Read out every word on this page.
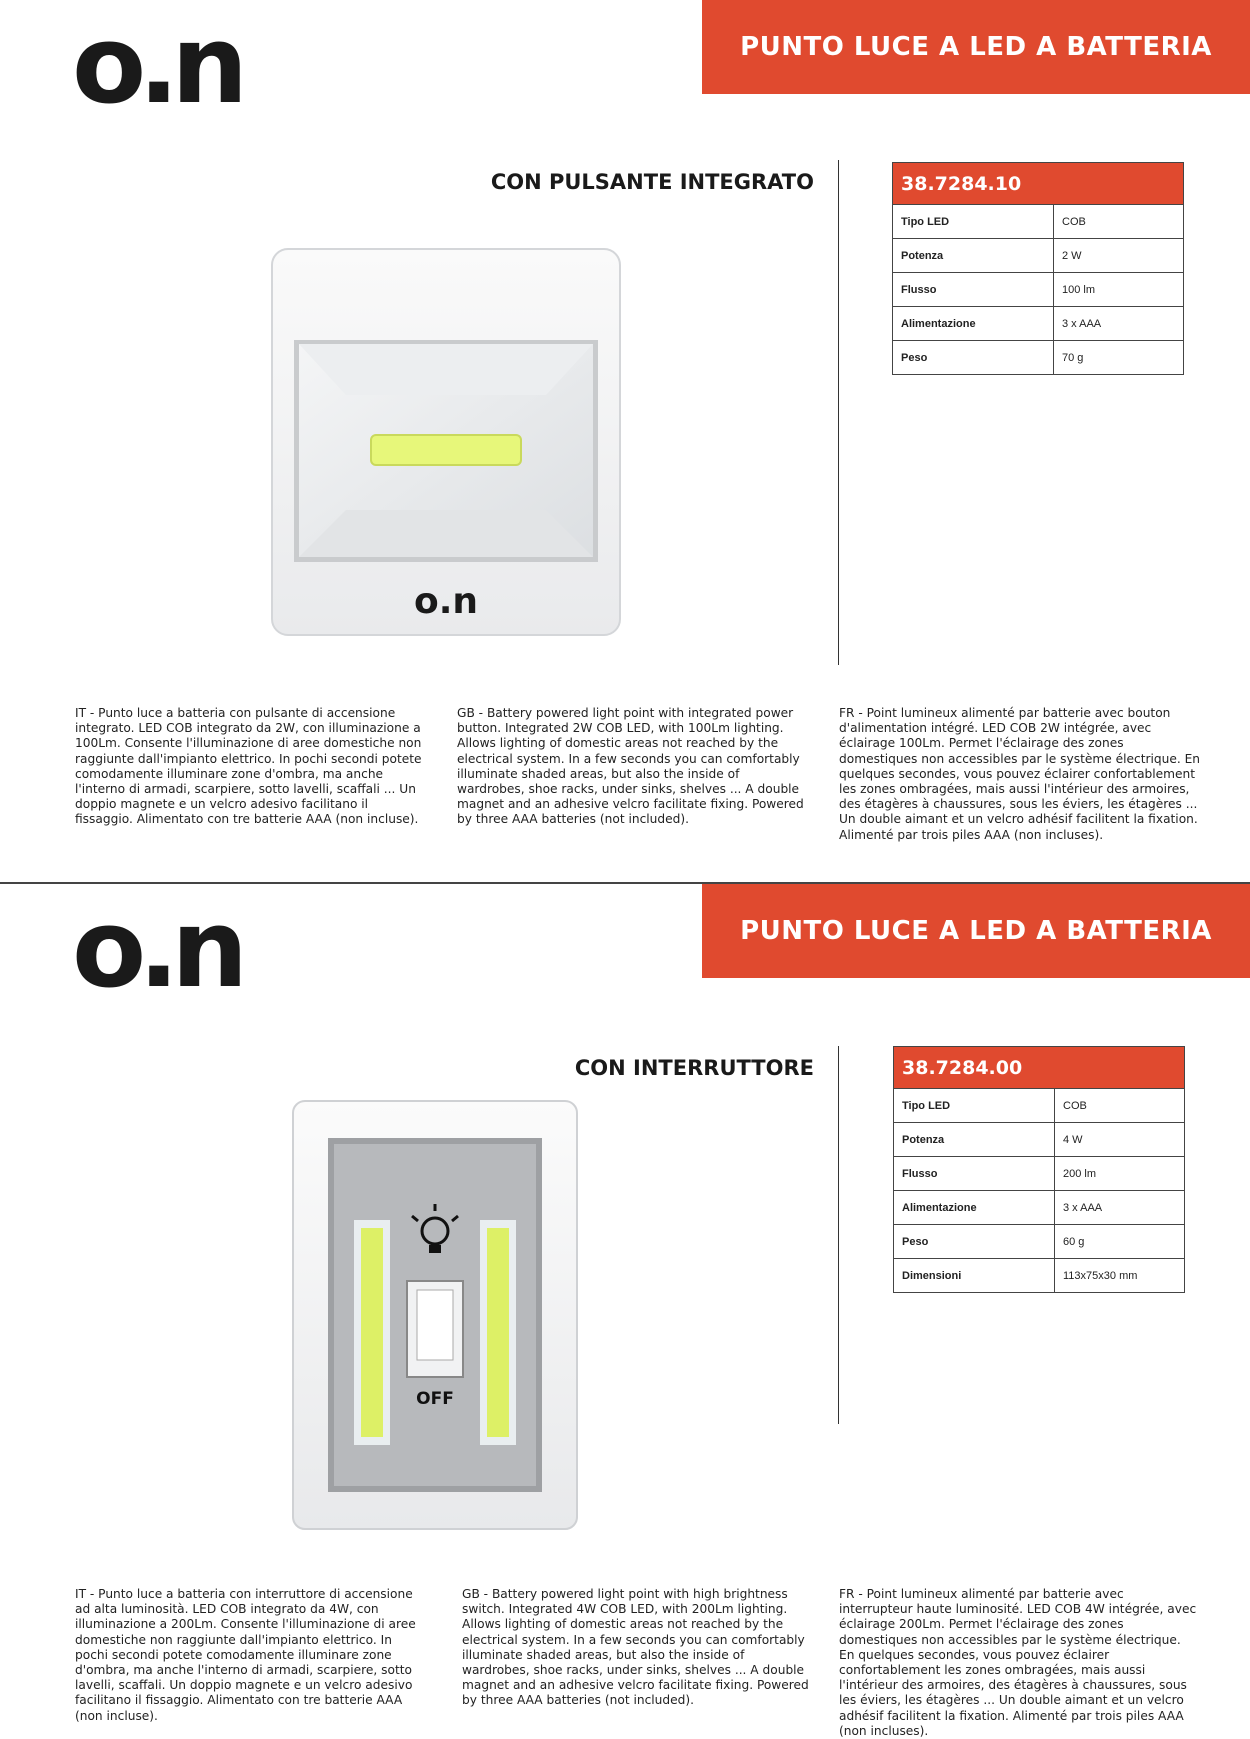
o.n	PUNTO LUCE A LED A BATTERIA
CON PULSANTE INTEGRATO
o.n
38.7284.10	
Tipo LED	COB
Potenza	2 W
Flusso	100 lm
Alimentazione	3 x AAA
Peso	70 g
IT - Punto luce a batteria con pulsante di accensione integrato. LED COB integrato da 2W, con illuminazione a 100Lm. Consente l'illuminazione di aree domestiche non raggiunte dall'impianto elettrico. In pochi secondi potete comodamente illuminare zone d'ombra, ma anche l'interno di armadi, scarpiere, sotto lavelli, scaffali ... Un doppio magnete e un velcro adesivo facilitano il fissaggio. Alimentato con tre batterie AAA (non incluse).
GB - Battery powered light point with integrated power button. Integrated 2W COB LED, with 100Lm lighting. Allows lighting of domestic areas not reached by the electrical system. In a few seconds you can comfortably illuminate shaded areas, but also the inside of wardrobes, shoe racks, under sinks, shelves ... A double magnet and an adhesive velcro facilitate fixing. Powered by three AAA batteries (not included).
FR - Point lumineux alimenté par batterie avec bouton d'alimentation intégré. LED COB 2W intégrée, avec éclairage 100Lm. Permet l'éclairage des zones domestiques non accessibles par le système électrique. En quelques secondes, vous pouvez éclairer confortablement les zones ombragées, mais aussi l'intérieur des armoires, des étagères à chaussures, sous les éviers, les étagères ... Un double aimant et un velcro adhésif facilitent la fixation. Alimenté par trois piles AAA (non incluses).
o.n	PUNTO LUCE A LED A BATTERIA
CON INTERRUTTORE
OFF
38.7284.00	
Tipo LED	COB
Potenza	4 W
Flusso	200 lm
Alimentazione	3 x AAA
Peso	60 g
Dimensioni	113x75x30 mm
IT - Punto luce a batteria con interruttore di accensione ad alta luminosità. LED COB integrato da 4W, con illuminazione a 200Lm. Consente l'illuminazione di aree domestiche non raggiunte dall'impianto elettrico. In pochi secondi potete comodamente illuminare zone d'ombra, ma anche l'interno di armadi, scarpiere, sotto lavelli, scaffali. Un doppio magnete e un velcro adesivo facilitano il fissaggio. Alimentato con tre batterie AAA (non incluse).
GB - Battery powered light point with high brightness switch. Integrated 4W COB LED, with 200Lm lighting. Allows lighting of domestic areas not reached by the electrical system. In a few seconds you can comfortably illuminate shaded areas, but also the inside of wardrobes, shoe racks, under sinks, shelves ... A double magnet and an adhesive velcro facilitate fixing. Powered by three AAA batteries (not included).
FR - Point lumineux alimenté par batterie avec interrupteur haute luminosité. LED COB 4W intégrée, avec éclairage 200Lm. Permet l'éclairage des zones domestiques non accessibles par le système électrique. En quelques secondes, vous pouvez éclairer confortablement les zones ombragées, mais aussi l'intérieur des armoires, des étagères à chaussures, sous les éviers, les étagères ... Un double aimant et un velcro adhésif facilitent la fixation. Alimenté par trois piles AAA (non incluses).
